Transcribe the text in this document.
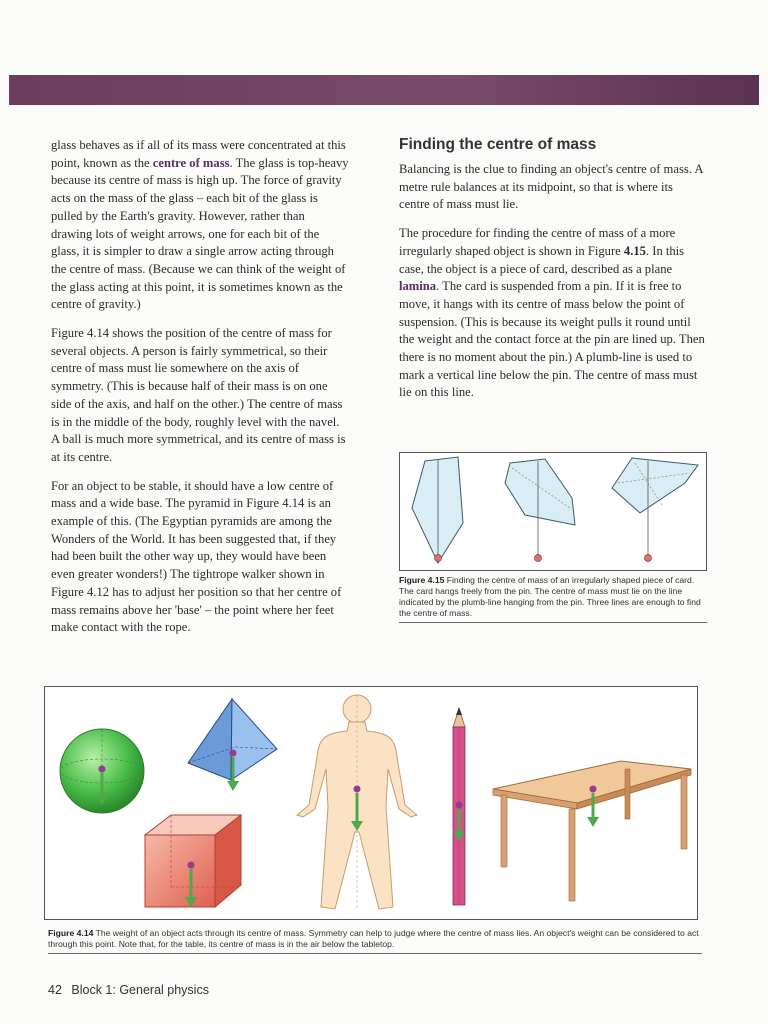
glass behaves as if all of its mass were concentrated at this point, known as the centre of mass. The glass is top-heavy because its centre of mass is high up. The force of gravity acts on the mass of the glass – each bit of the glass is pulled by the Earth's gravity. However, rather than drawing lots of weight arrows, one for each bit of the glass, it is simpler to draw a single arrow acting through the centre of mass. (Because we can think of the weight of the glass acting at this point, it is sometimes known as the centre of gravity.)

Figure 4.14 shows the position of the centre of mass for several objects. A person is fairly symmetrical, so their centre of mass must lie somewhere on the axis of symmetry. (This is because half of their mass is on one side of the axis, and half on the other.) The centre of mass is in the middle of the body, roughly level with the navel. A ball is much more symmetrical, and its centre of mass is at its centre.

For an object to be stable, it should have a low centre of mass and a wide base. The pyramid in Figure 4.14 is an example of this. (The Egyptian pyramids are among the Wonders of the World. It has been suggested that, if they had been built the other way up, they would have been even greater wonders!) The tightrope walker shown in Figure 4.12 has to adjust her position so that her centre of mass remains above her 'base' – the point where her feet make contact with the rope.

Finding the centre of mass

Balancing is the clue to finding an object's centre of mass. A metre rule balances at its midpoint, so that is where its centre of mass must lie.

The procedure for finding the centre of mass of a more irregularly shaped object is shown in Figure 4.15. In this case, the object is a piece of card, described as a plane lamina. The card is suspended from a pin. If it is free to move, it hangs with its centre of mass below the point of suspension. (This is because its weight pulls it round until the weight and the contact force at the pin are lined up. Then there is no moment about the pin.) A plumb-line is used to mark a vertical line below the pin. The centre of mass must lie on this line.

Figure 4.15 Finding the centre of mass of an irregularly shaped piece of card. The card hangs freely from the pin. The centre of mass must lie on the line indicated by the plumb-line hanging from the pin. Three lines are enough to find the centre of mass.
Figure 4.14 The weight of an object acts through its centre of mass. Symmetry can help to judge where the centre of mass lies. An object's weight can be considered to act through this point. Note that, for the table, its centre of mass is in the air below the tabletop.
42 Block 1: General physics
